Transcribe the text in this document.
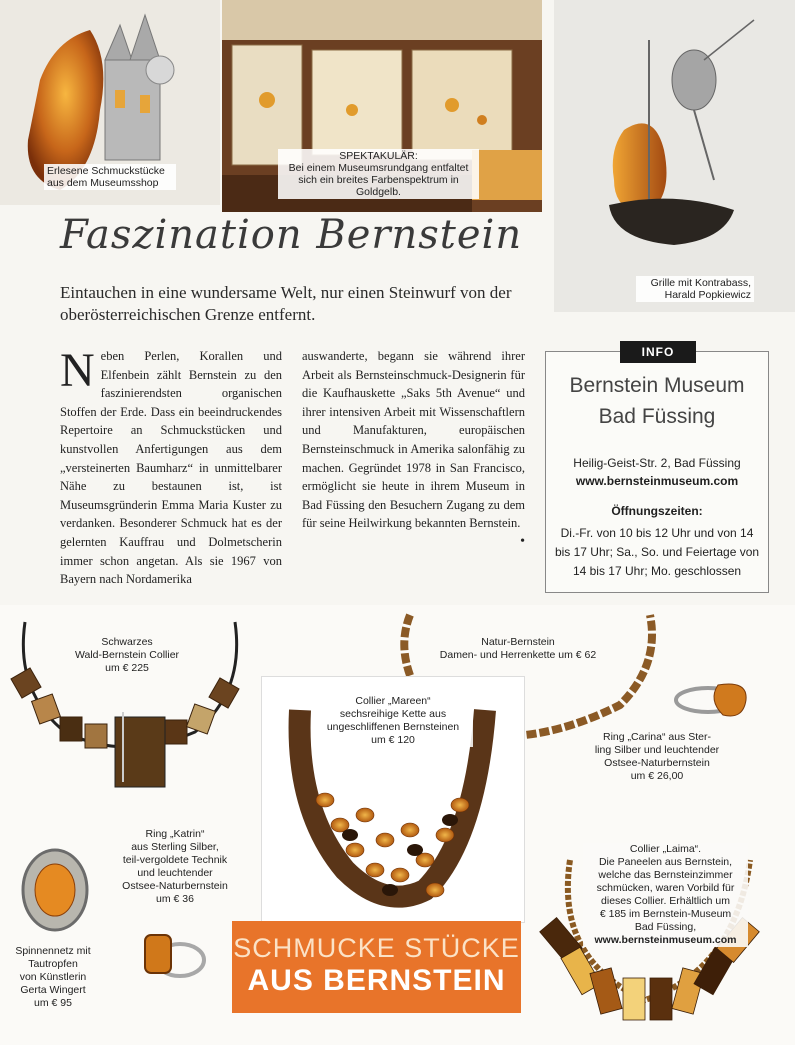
Erlesene Schmuckstücke aus dem Museumsshop
SPEKTAKULÄR:
Bei einem Museumsrundgang entfaltet sich ein breites Farbenspektrum in Goldgelb.
Grille mit Kontrabass, Harald Popkiewicz
Faszination Bernstein
Eintauchen in eine wundersame Welt, nur einen Steinwurf von der oberösterreichischen Grenze entfernt.
Neben Perlen, Korallen und Elfenbein zählt Bernstein zu den faszinierendsten organischen Stoffen der Erde. Dass ein beeindruckendes Repertoire an Schmuckstücken und kunstvollen Anfertigungen aus dem „versteinerten Baumharz“ in unmittelbarer Nähe zu bestaunen ist, ist Museumsgründerin Emma Maria Kuster zu verdanken. Besonderer Schmuck hat es der gelernten Kauffrau und Dolmetscherin immer schon angetan. Als sie 1967 von Bayern nach Nordamerika
auswanderte, begann sie während ihrer Arbeit als Bernsteinschmuck-Designerin für die Kaufhauskette „Saks 5th Avenue“ und ihrer intensiven Arbeit mit Wissenschaftlern und Manufakturen, europäischen Bernsteinschmuck in Amerika salonfähig zu machen. Gegründet 1978 in San Francisco, ermöglicht sie heute in ihrem Museum in Bad Füssing den Besuchern Zugang zu dem für seine Heilwirkung bekannten Bernstein.
•
Bernstein Museum
Bad Füssing
Heilig-Geist-Str. 2, Bad Füssing
www.bernsteinmuseum.com
Öffnungszeiten:
Di.-Fr. von 10 bis 12 Uhr und von 14 bis 17 Uhr; Sa., So. und Feiertage von 14 bis 17 Uhr; Mo. geschlossen
INFO
Schwarzes
Wald-Bernstein Collier
um € 225
Natur-Bernstein
Damen- und Herrenkette um € 62
Ring „Carina“ aus Ster-
ling Silber und leuchtender
Ostsee-Naturbernstein
um € 26,00
Collier „Mareen“
sechsreihige Kette aus
ungeschliffenen Bernsteinen
um € 120
Ring „Katrin“
aus Sterling Silber,
teil-vergoldete Technik
und leuchtender
Ostsee-Naturbernstein
um € 36
Spinnennetz mit
Tautropfen
von Künstlerin
Gerta Wingert
um € 95
Collier „Laima“.
Die Paneelen aus Bernstein,
welche das Bernsteinzimmer
schmücken, waren Vorbild für
dieses Collier. Erhältlich um
€ 185 im Bernstein-Museum
Bad Füssing,
www.bernsteinmuseum.com
SCHMUCKE STÜCKE
AUS BERNSTEIN
